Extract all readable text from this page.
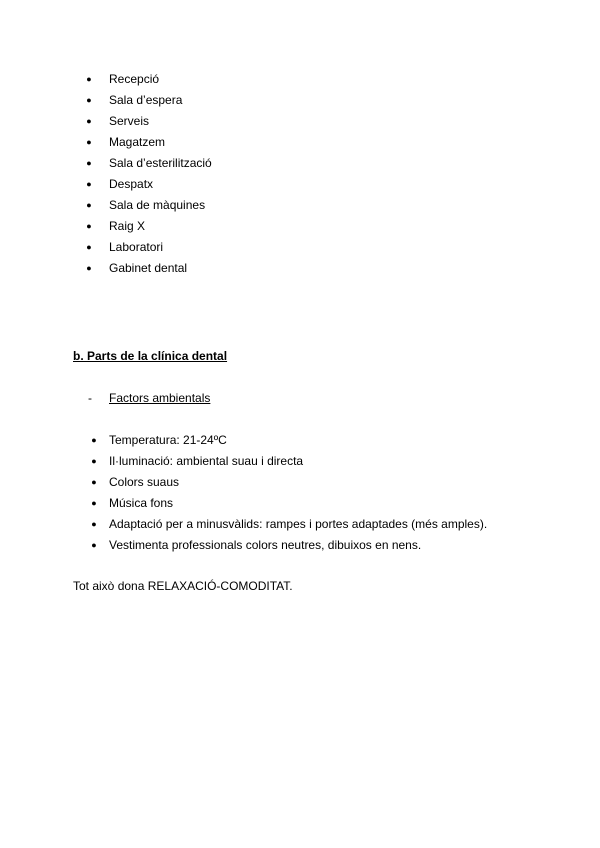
● Recepció
● Sala d’espera
● Serveis
● Magatzem
● Sala d’esterilització
● Despatx
● Sala de màquines
● Raig X
● Laboratori
● Gabinet dental
b. Parts de la clínica dental
- Factors ambientals
● Temperatura: 21-24ºC
● Il·luminació: ambiental suau i directa
● Colors suaus
● Música fons
● Adaptació per a minusvàlids: rampes i portes adaptades (més amples).
● Vestimenta professionals colors neutres, dibuixos en nens.
Tot això dona RELAXACIÓ-COMODITAT.
